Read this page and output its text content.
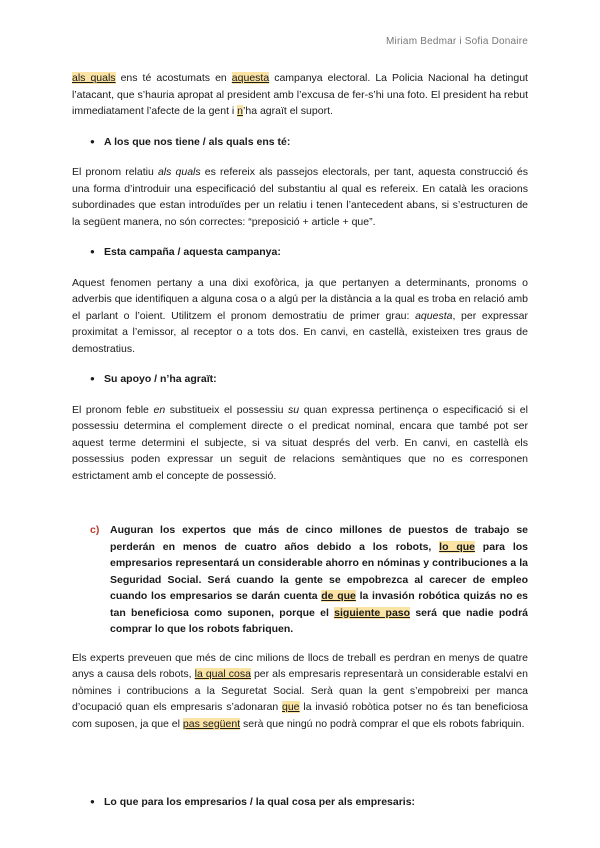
Miriam Bedmar i Sofia Donaire

als quals ens té acostumats en aquesta campanya electoral. La Policia Nacional ha detingut l’atacant, que s’hauria apropat al president amb l’excusa de fer-s’hi una foto. El president ha rebut immediatament l’afecte de la gent i n’ha agraït el suport.

● A los que nos tiene / als quals ens té:

El pronom relatiu als quals es refereix als passejos electorals, per tant, aquesta construcció és una forma d’introduir una especificació del substantiu al qual es refereix. En català les oracions subordinades que estan introduïdes per un relatiu i tenen l’antecedent abans, si s’estructuren de la següent manera, no són correctes: “preposició + article + que”.

● Esta campaña / aquesta campanya:

Aquest fenomen pertany a una dixi exofòrica, ja que pertanyen a determinants, pronoms o adverbis que identifiquen a alguna cosa o a algú per la distància a la qual es troba en relació amb el parlant o l’oient. Utilitzem el pronom demostratiu de primer grau: aquesta, per expressar proximitat a l’emissor, al receptor o a tots dos. En canvi, en castellà, existeixen tres graus de demostratius.

● Su apoyo / n’ha agraït:

El pronom feble en substitueix el possessiu su quan expressa pertinença o especificació si el possessiu determina el complement directe o el predicat nominal, encara que també pot ser aquest terme determini el subjecte, si va situat després del verb. En canvi, en castellà els possessius poden expressar un seguit de relacions semàntiques que no es corresponen estrictament amb el concepte de possessió.

c) Auguran los expertos que más de cinco millones de puestos de trabajo se perderán en menos de cuatro años debido a los robots, lo que para los empresarios representará un considerable ahorro en nóminas y contribuciones a la Seguridad Social. Será cuando la gente se empobrezca al carecer de empleo cuando los empresarios se darán cuenta de que la invasión robótica quizás no es tan beneficiosa como suponen, porque el siguiente paso será que nadie podrá comprar lo que los robots fabriquen.

Els experts preveuen que més de cinc milions de llocs de treball es perdran en menys de quatre anys a causa dels robots, la qual cosa per als empresaris representarà un considerable estalvi en nòmines i contribucions a la Seguretat Social. Serà quan la gent s’empobreixi per manca d’ocupació quan els empresaris s’adonaran que la invasió robòtica potser no és tan beneficiosa com suposen, ja que el pas següent serà que ningú no podrà comprar el que els robots fabriquin.

● Lo que para los empresarios / la qual cosa per als empresaris:
